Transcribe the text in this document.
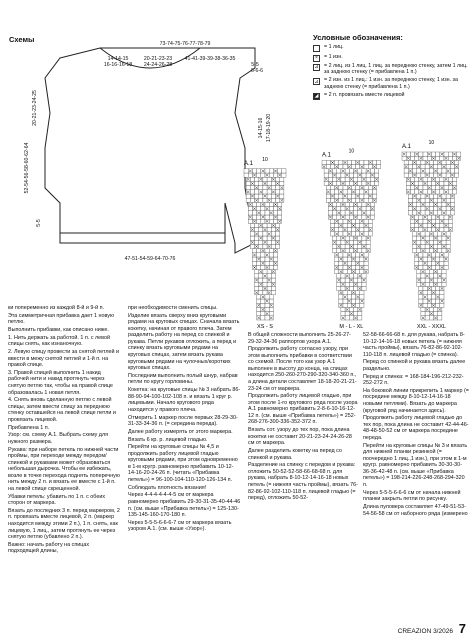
Схемы	73-74-75-76-77-78-79
14-14-15
16-16-16-18
20-21-23-23
24-24-26-28
41-41-39-39-38-36-35
5-5
6-6-6
47-51-54-59-64-70-76
5-5
52-54-56-58-60-62-64
20-21-23-24-25
14-15-16 17-18-19-20
Условные обозначения:
= 1 лиц.
×	= 1 изн.
⊿ = 2 лиц. из 1 лиц. 1 лиц. за переднюю стенку, затем 1 лиц. за заднюю стенку (= прибавлена 1 п.)
⊿ = 2 изн. из 1 лиц.: 1 изн. за переднюю стенку, 1 изн. за заднюю стенку (= прибавлена 1 п.)
◢ = 2 п. провязать вместе лицевой
A.1
10
XS - S
A.1
10
M - L - XL
A.1
10
XXL - XXXL

ки попеременно из каждой 8-й и 9-й п.

Эта симметричная прибавка дает 1 новую петлю.

Выполнить прибавки, как описано ниже.

1. Нить держать за работой. 1 п. с левой спицы снять, как изнаночную.

2. Левую спицу провести за снятой петлей и ввести в межу снятой петлей и 1-й п. на правой спице.

3. Правой спицей выполнить 1 накид рабочей нити и накид протянуть через снятую петлю так, чтобы на правой спице образовалась 1 новая петля.

4. Снять вновь сделанную петлю с левой спицы, затем ввести спицу за переднюю стенку оставшейся на левой спице петли и провязать лицевой.

Прибавлена 1 п.

Узор: см. схему А.1. Выбрать схему для нужного размера.

Рукава: при наборе петель по нижней части проймы, при переходе между передом/спинкой и рукавами может образоваться небольшая дырочка. Чтобы ее избежать, возле в точке перехода поднять поперечную нить между 2 п. и вязать ее вместе с 1-й п. на левой спице скрещенной.

Убавки петель: убавить по 1 п. с обеих сторон от маркера.

Вязать до последних 3 п. перед маркером, 2 п. провязать вместе лицевой, 2 п. (маркер находится между этими 2 п.), 1 п. снять, как лицевую, 1 лиц., затем протянуть ее через снятую петлю (убавлено 2 п.).

Важно: начать работу на спицах подходящей длины,

при необходимости сменить спицы.

Изделие вязать сверху вниз круговыми рядами на круговых спицах. Сначала вязать кокетку, начиная от правого плеча. Затем разделить работу на перед со спинкой и рукава. Петли рукавов отложить, а перед и спинку вязать круговыми рядами на круговых спицах, затем вязать рукава круговыми рядами на чулочных/коротких круговых спицах.

Последним выполнить полый шнур, набрав петли по кругу горловины.

Кокетка: на круговые спицы № 3 набрать 86-88-90-94-100-102-108 п. и вязать 1 круг р. лицевыми. Начало кругового ряда находится у правого плеча.

Отмерить 1 маркер после первых 28-29-30-31-33-34-36 п. (= середина переда).

Далее работу измерять от этого маркера.

Вязать 6 кр. р. лицевой гладью.

Перейти на круговые спицы № 4,5 и продолжить работу лицевой гладью круговыми рядами, при этом одновременно в 1-м кругр. равномерно прибавить 10-12-14-16-20-24-26 п. (читать «Прибавка петель») = 96-100-104-110-120-126-134 п.

Соблюдать плотность вязания!

Через 4-4-4-4-4-4-5 см от маркера равномерно прибавить 29-30-31-35-40-44-46 п. (см. выше «Прибавка петель») = 125-130-135-145-160-170-180 п.

Через 5-5-5-6-6-6-7 см от маркера вязать узором А.1. (см. выше «Узор»).

В общей сложности выполнить 25-26-27-29-32-34-36 раппортов узора А.1.

Продолжить работу согласно узору, при этом выполнить прибавки в соответствии со схемой. После того как узор А.1 выполнен в высоту до конца, на спицах находится 250-260-270-290-320-340-360 п., а длина детали составляет 18-18-20-21-21-23-24 см от маркера.

Продолжить работу лицевой гладью, при этом после 1-го кругового ряда после узора А.1 равномерно прибавить 2-8-6-10-16-12-12 п. (см. выше «Прибавка петель») = 252-268-276-300-336-352-372 п.

Вязать сот. узору до тех пор, пока длина кокетки не составит 20-21-23-24-24-26-28 см от маркера.

Далее разделить кокетку на перед со спинкой и рукава.

Разделение на спинку с передом и рукава: отложить 50-52-52-58-66-68-68 п. для рукава, набрать 8-10-12-14-16-18 новых петель (= нижняя часть проймы), вязать 76-82-86-92-102-110-118 п. лицевой гладью (= перед), отложить 50-52-

52-58-66-66-68 п. для рукава, набрать 8-10-12-14-16-18 новых петель (= нижняя часть проймы), вязать 76-82-86-92-102-110-118 п. лицевой гладью (= спинка).

Перед со спинкой и рукава вязать далее раздельно.

Перед и спинка: = 168-184-196-212-232-252-272 п.

На боковой линии прикрепить 1 маркер (= посредине между 8-10-12-14-16-18 новыми петлями). Вязать до маркера (круговой ряд начинается здесь).

Продолжить работу лицевой гладью до тех пор, пока длина не составит 42-44-46-48-48-50-52 см от маркера посредине переда.

Перейти на круговые спицы № 3 и вязать для нижней планки резинкой (= поочередно 1 лиц.,1 изн.), при этом в 1-м кругр. равномерно прибавить 30-30-30-36-36-42-48 п. (см. выше «Прибавка петель») = 198-214-226-248-268-294-320 п.

Через 5-5-5-6-6-6 см от начала нижней планки закрыть петли по рисунку.

Длина пуловера составляет 47-49-51-53-54-56-58 см от наборного ряда (измерено

CREAZION 3/2026 7
